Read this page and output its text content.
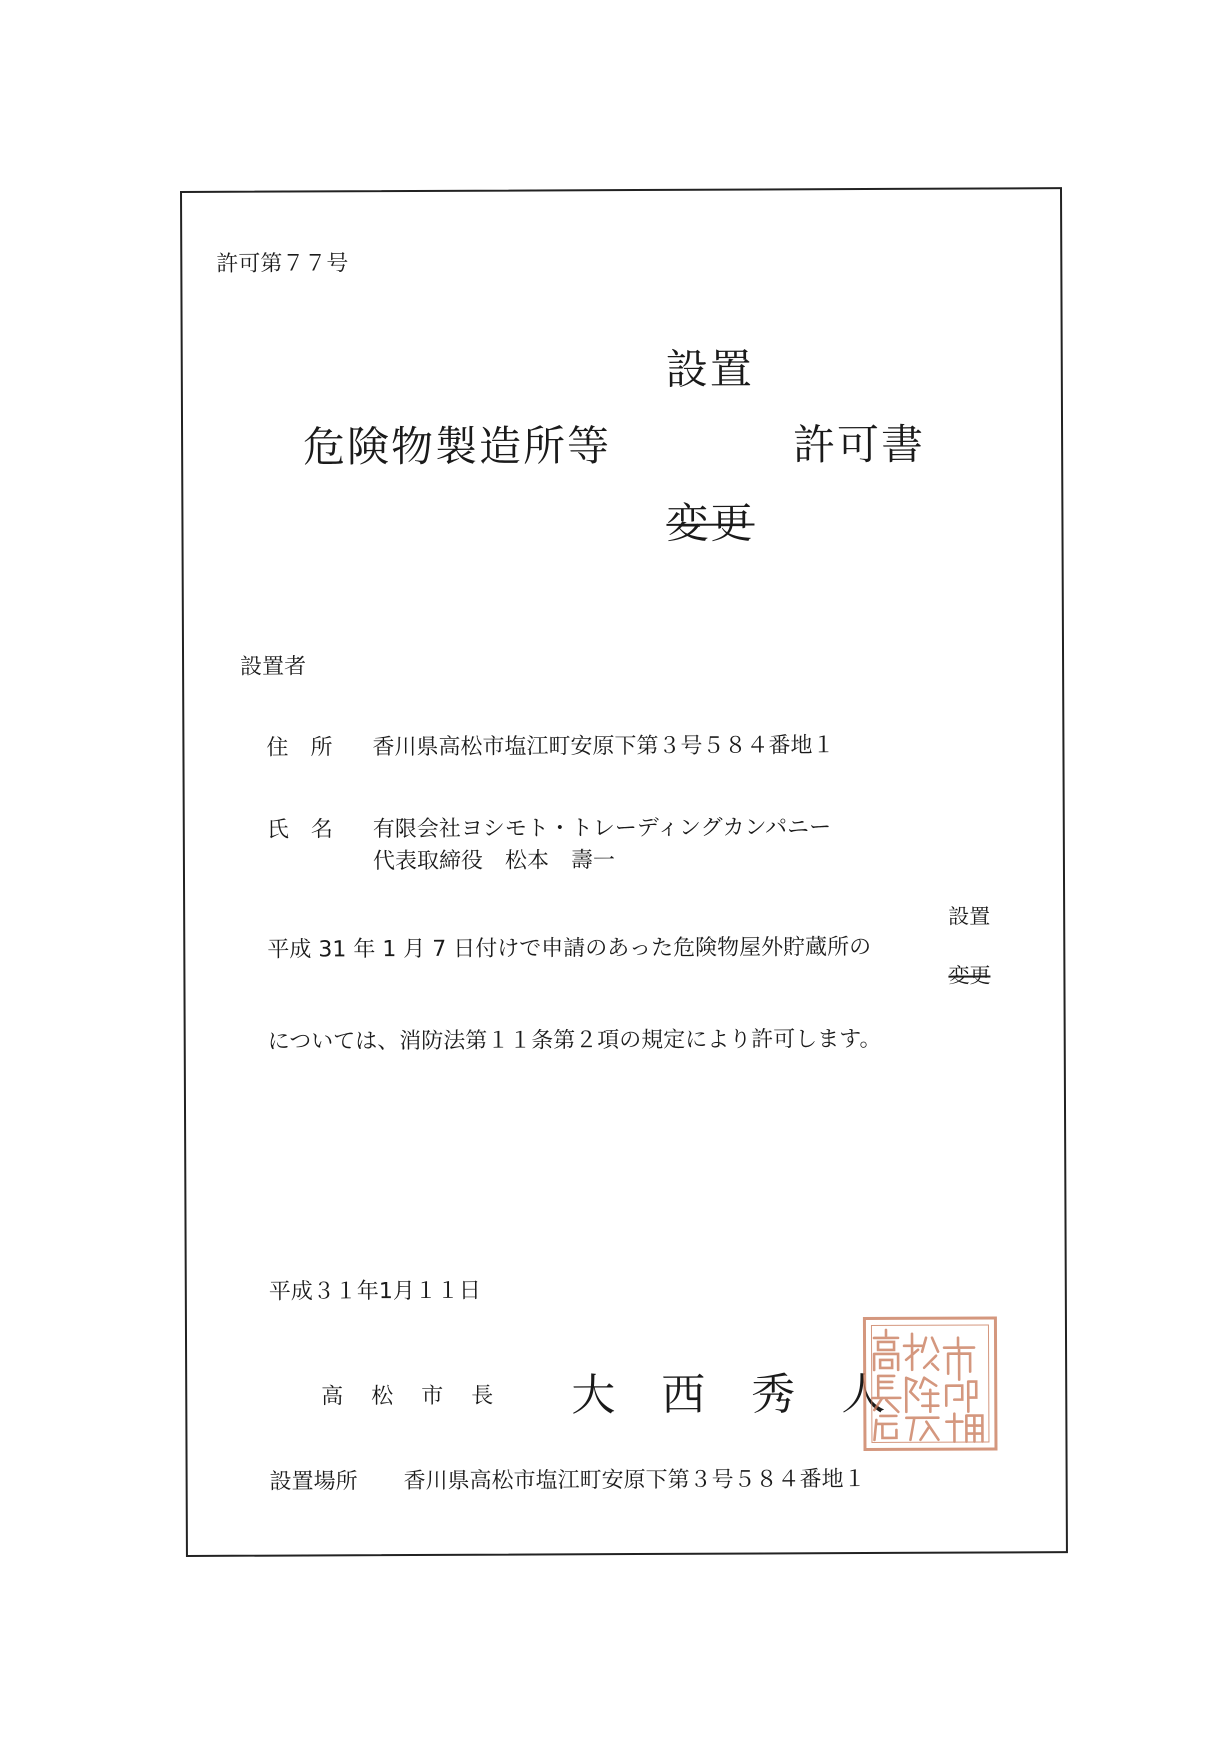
許可第７７号
設置
危険物製造所等	許可書
変更
設置者
住　所 香川県高松市塩江町安原下第３号５８４番地１
氏　名 有限会社ヨシモト・トレーディングカンパニー
代表取締役　松本　壽一
設置
平成 31 年 1 月 7 日付けで申請のあった危険物屋外貯蔵所の
変更
については、消防法第１１条第２項の規定により許可します。
平成３１年1月１１日
高松市長 大西秀人
設置場所 香川県高松市塩江町安原下第３号５８４番地１
